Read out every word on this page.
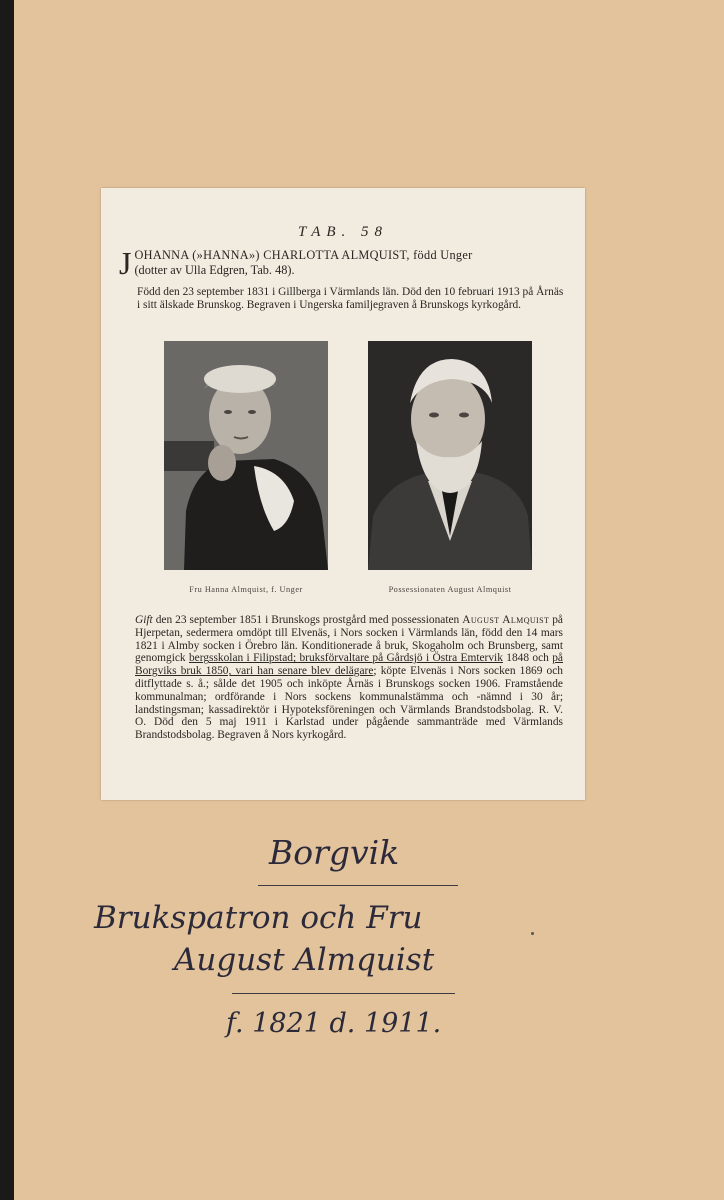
TAB. 58
J OHANNA (»HANNA») CHARLOTTA ALMQUIST, född Unger
(dotter av Ulla Edgren, Tab. 48).
Född den 23 september 1831 i Gillberga i Värmlands län. Död den 10 februari 1913 på Årnäs i sitt älskade Brunskog. Begraven i Ungerska familjegraven å Brunskogs kyrkogård.
Fru Hanna Almquist, f. Unger	Possessionaten August Almquist
Gift den 23 september 1851 i Brunskogs prostgård med possessionaten August Almquist på Hjerpetan, sedermera omdöpt till Elvenäs, i Nors socken i Värmlands län, född den 14 mars 1821 i Almby socken i Örebro län. Konditionerade å bruk, Skogaholm och Brunsberg, samt genomgick bergsskolan i Filipstad; bruksförvaltare på Gårdsjö i Östra Emtervik 1848 och på Borgviks bruk 1850, vari han senare blev delägare; köpte Elvenäs i Nors socken 1869 och ditflyttade s. å.; sålde det 1905 och inköpte Årnäs i Brunskogs socken 1906. Framstående kommunalman; ordförande i Nors sockens kommunalstämma och -nämnd i 30 år; landstingsman; kassadirektör i Hypoteksföreningen och Värmlands Brandstodsbolag. R. V. O. Död den 5 maj 1911 i Karlstad under pågående sammanträde med Värmlands Brandstodsbolag. Begraven å Nors kyrkogård.
Borgvik
Brukspatron och Fru
August Almquist
f. 1821 d. 1911.
